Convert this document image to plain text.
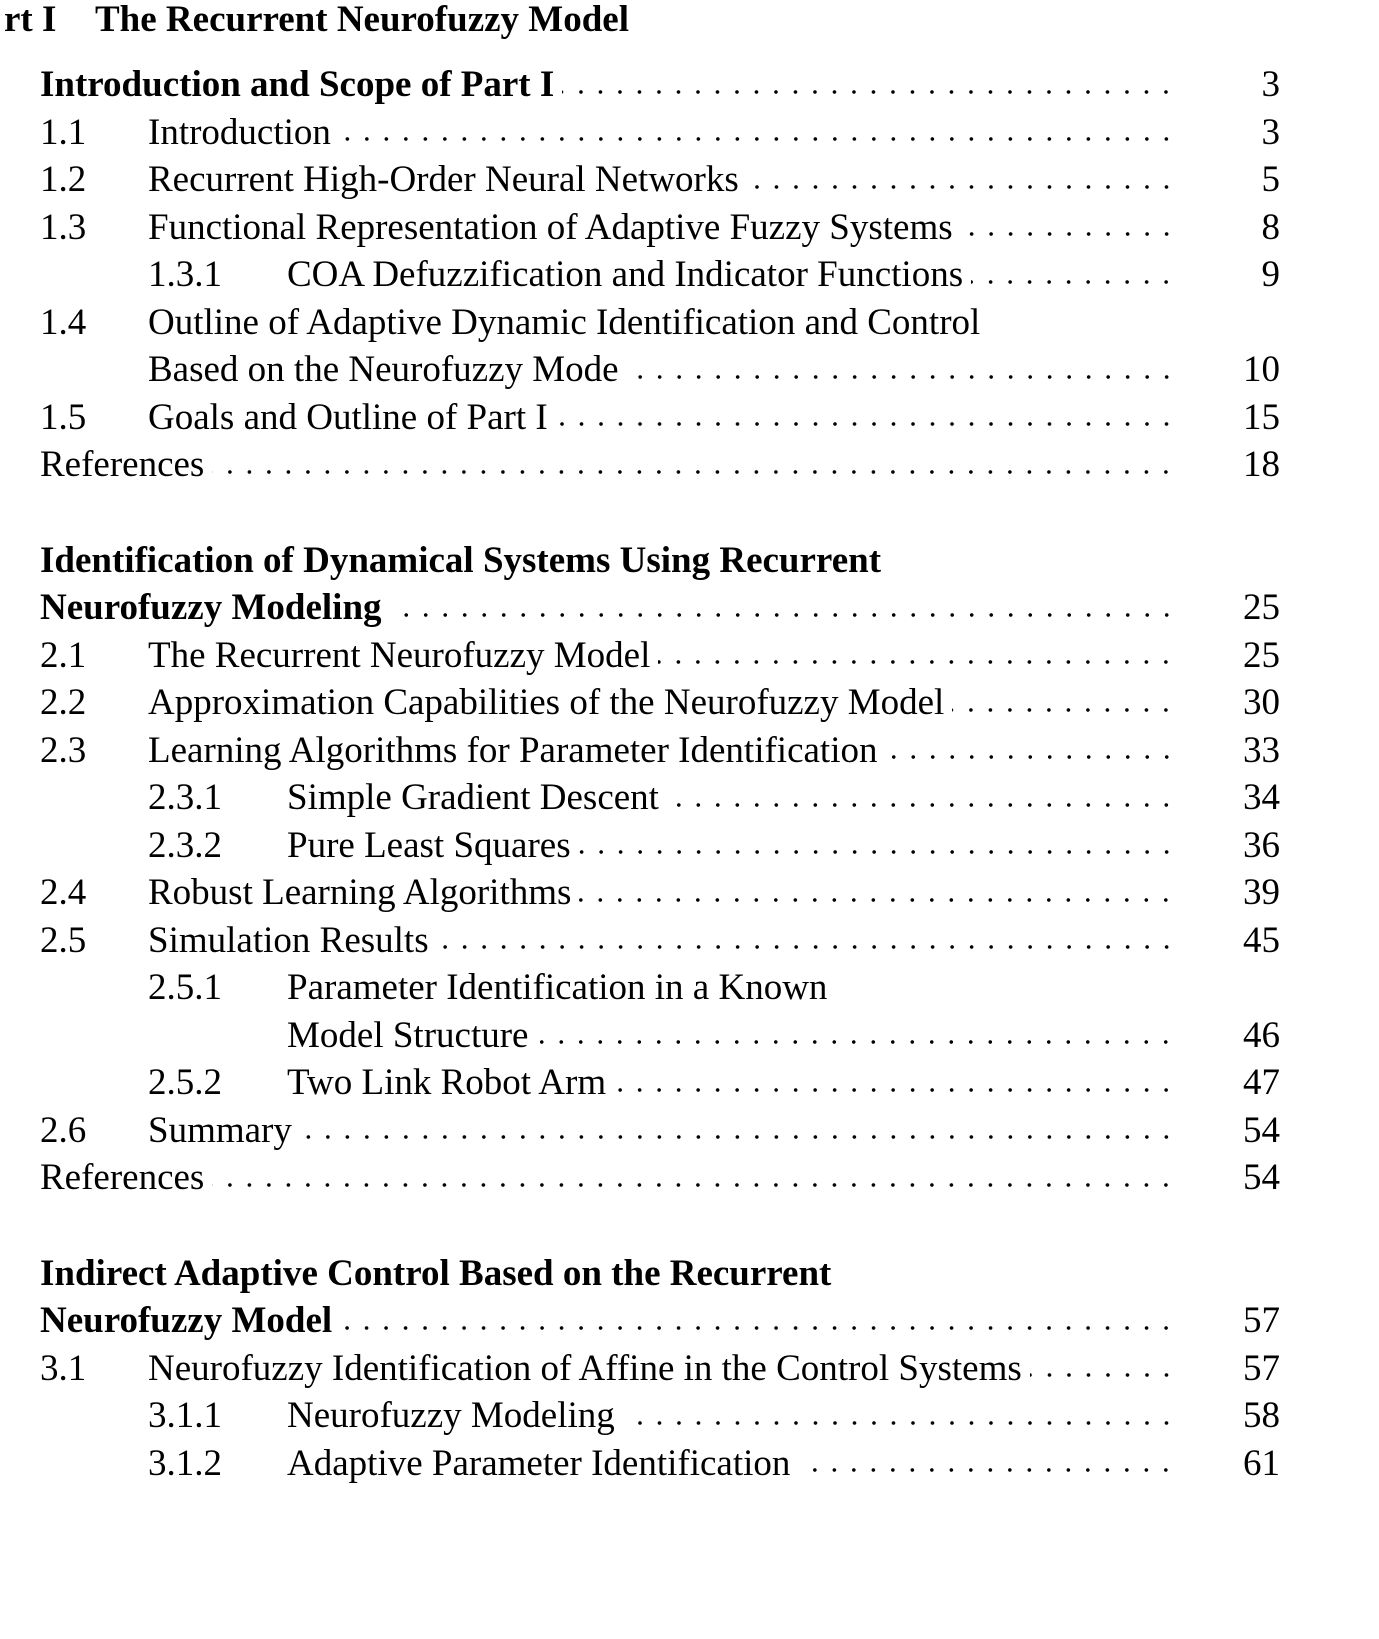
rt I The Recurrent Neurofuzzy Model
Introduction and Scope of Part I	3
1.1	Introduction	3
1.2	Recurrent High-Order Neural Networks	5
1.3	Functional Representation of Adaptive Fuzzy Systems	8
1.3.1	COA Defuzzification and Indicator Functions	9
1.4	Outline of Adaptive Dynamic Identification and Control
Based on the Neurofuzzy Mode	10
1.5	Goals and Outline of Part I	15
References	18
Identification of Dynamical Systems Using Recurrent
Neurofuzzy Modeling	25
2.1	The Recurrent Neurofuzzy Model	25
2.2	Approximation Capabilities of the Neurofuzzy Model	30
2.3	Learning Algorithms for Parameter Identification	33
2.3.1	Simple Gradient Descent	34
2.3.2	Pure Least Squares	36
2.4	Robust Learning Algorithms	39
2.5	Simulation Results	45
2.5.1	Parameter Identification in a Known
Model Structure	46
2.5.2	Two Link Robot Arm	47
2.6	Summary	54
References	54
Indirect Adaptive Control Based on the Recurrent
Neurofuzzy Model	57
3.1	Neurofuzzy Identification of Affine in the Control Systems	57
3.1.1	Neurofuzzy Modeling	58
3.1.2	Adaptive Parameter Identification	61
